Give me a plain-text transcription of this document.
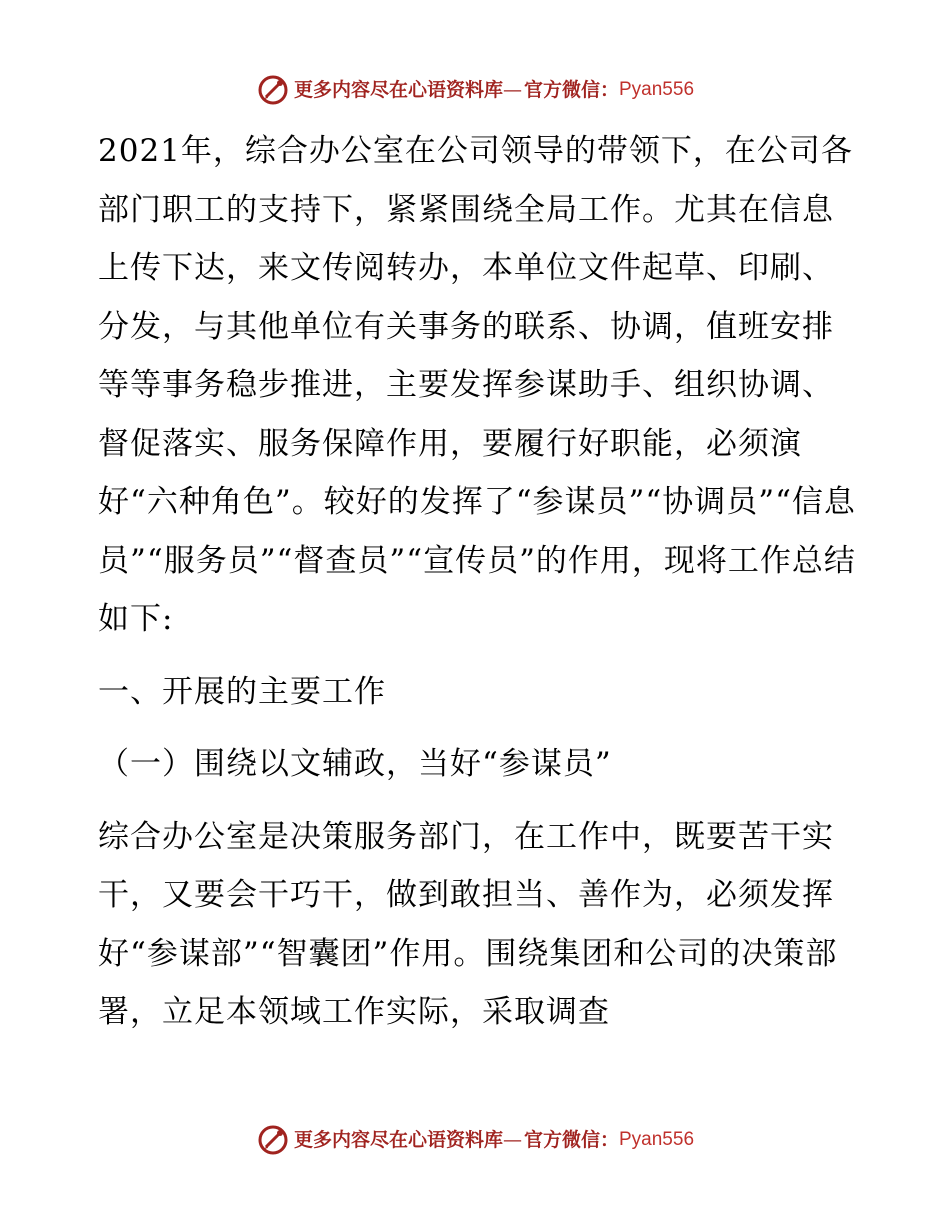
更多内容尽在心语资料库 — 官方微信： Pyan556

2021年，综合办公室在公司领导的带领下，在公司各部门职工的支持下，紧紧围绕全局工作。尤其在信息上传下达，来文传阅转办，本单位文件起草、印刷、分发，与其他单位有关事务的联系、协调，值班安排等等事务稳步推进，主要发挥参谋助手、组织协调、督促落实、服务保障作用，要履行好职能，必须演好“六种角色”。较好的发挥了“参谋员”“协调员”“信息员”“服务员”“督查员”“宣传员”的作用，现将工作总结如下:

一、开展的主要工作

（一）围绕以文辅政，当好“参谋员”

综合办公室是决策服务部门，在工作中，既要苦干实干，又要会干巧干，做到敢担当、善作为，必须发挥好“参谋部”“智囊团”作用。围绕集团和公司的决策部署，立足本领域工作实际，采取调查

更多内容尽在心语资料库 — 官方微信： Pyan556
